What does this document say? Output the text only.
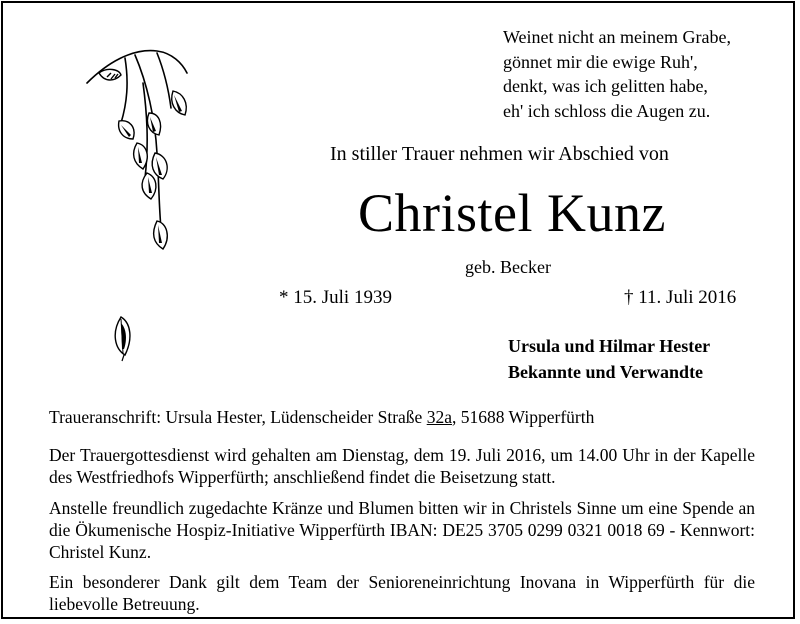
Weinet nicht an meinem Grabe,
gönnet mir die ewige Ruh',
denkt, was ich gelitten habe,
eh' ich schloss die Augen zu.
In stiller Trauer nehmen wir Abschied von
Christel Kunz
geb. Becker
* 15. Juli 1939	† 11. Juli 2016
Ursula und Hilmar Hester
Bekannte und Verwandte
Traueranschrift: Ursula Hester, Lüdenscheider Straße 32a, 51688 Wipperfürth
Der Trauergottesdienst wird gehalten am Dienstag, dem 19. Juli 2016, um 14.00 Uhr in der Kapelle des Westfriedhofs Wipperfürth; anschließend findet die Beisetzung statt.
Anstelle freundlich zugedachte Kränze und Blumen bitten wir in Christels Sinne um eine Spende an die Ökumenische Hospiz-Initiative Wipperfürth IBAN: DE25 3705 0299 0321 0018 69 - Kennwort: Christel Kunz.
Ein besonderer Dank gilt dem Team der Senioreneinrichtung Inovana in Wipperfürth für die liebevolle Betreuung.
